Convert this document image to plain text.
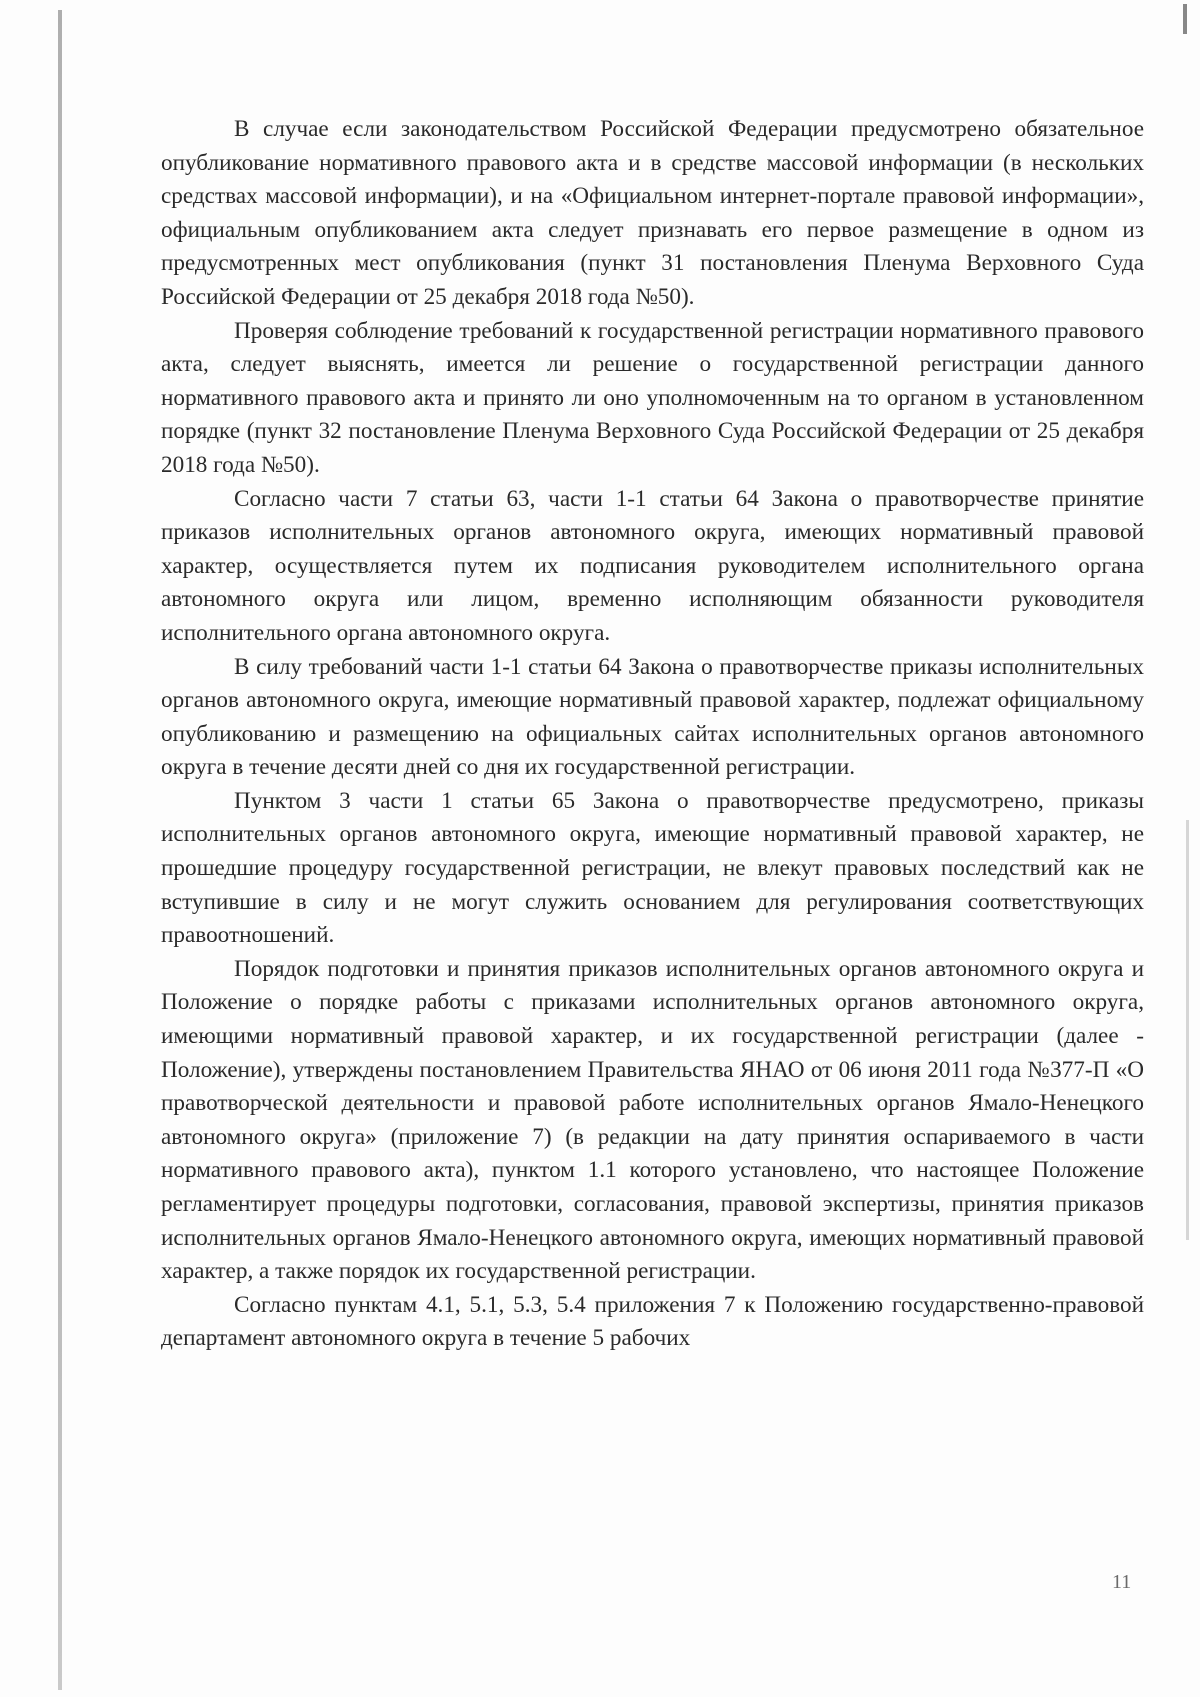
В случае если законодательством Российской Федерации предусмотрено обязательное опубликование нормативного правового акта и в средстве массовой информации (в нескольких средствах массовой информации), и на «Официальном интернет-портале правовой информации», официальным опубликованием акта следует признавать его первое размещение в одном из предусмотренных мест опубликования (пункт 31 постановления Пленума Верховного Суда Российской Федерации от 25 декабря 2018 года №50).

Проверяя соблюдение требований к государственной регистрации нормативного правового акта, следует выяснять, имеется ли решение о государственной регистрации данного нормативного правового акта и принято ли оно уполномоченным на то органом в установленном порядке (пункт 32 постановление Пленума Верховного Суда Российской Федерации от 25 декабря 2018 года №50).

Согласно части 7 статьи 63, части 1-1 статьи 64 Закона о правотворчестве принятие приказов исполнительных органов автономного округа, имеющих нормативный правовой характер, осуществляется путем их подписания руководителем исполнительного органа автономного округа или лицом, временно исполняющим обязанности руководителя исполнительного органа автономного округа.

В силу требований части 1-1 статьи 64 Закона о правотворчестве приказы исполнительных органов автономного округа, имеющие нормативный правовой характер, подлежат официальному опубликованию и размещению на официальных сайтах исполнительных органов автономного округа в течение десяти дней со дня их государственной регистрации.

Пунктом 3 части 1 статьи 65 Закона о правотворчестве предусмотрено, приказы исполнительных органов автономного округа, имеющие нормативный правовой характер, не прошедшие процедуру государственной регистрации, не влекут правовых последствий как не вступившие в силу и не могут служить основанием для регулирования соответствующих правоотношений.

Порядок подготовки и принятия приказов исполнительных органов автономного округа и Положение о порядке работы с приказами исполнительных органов автономного округа, имеющими нормативный правовой характер, и их государственной регистрации (далее - Положение), утверждены постановлением Правительства ЯНАО от 06 июня 2011 года №377-П «О правотворческой деятельности и правовой работе исполнительных органов Ямало-Ненецкого автономного округа» (приложение 7) (в редакции на дату принятия оспариваемого в части нормативного правового акта), пунктом 1.1 которого установлено, что настоящее Положение регламентирует процедуры подготовки, согласования, правовой экспертизы, принятия приказов исполнительных органов Ямало-Ненецкого автономного округа, имеющих нормативный правовой характер, а также порядок их государственной регистрации.

Согласно пунктам 4.1, 5.1, 5.3, 5.4 приложения 7 к Положению государственно-правовой департамент автономного округа в течение 5 рабочих

11
